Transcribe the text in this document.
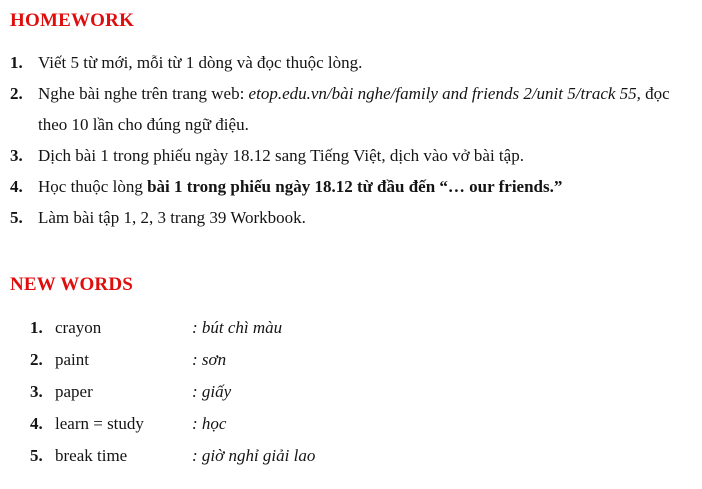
HOMEWORK
1. Viết 5 từ mới, mỗi từ 1 dòng và đọc thuộc lòng.
2. Nghe bài nghe trên trang web: etop.edu.vn/bài nghe/family and friends 2/unit 5/track 55, đọc theo 10 lần cho đúng ngữ điệu.
3. Dịch bài 1 trong phiếu ngày 18.12 sang Tiếng Việt, dịch vào vở bài tập.
4. Học thuộc lòng bài 1 trong phiếu ngày 18.12 từ đầu đến “… our friends.”
5. Làm bài tập 1, 2, 3 trang 39 Workbook.
NEW WORDS
1. crayon	: bút chì màu
2. paint	: sơn
3. paper	: giấy
4. learn = study	: học
5. break time	: giờ nghỉ giải lao
